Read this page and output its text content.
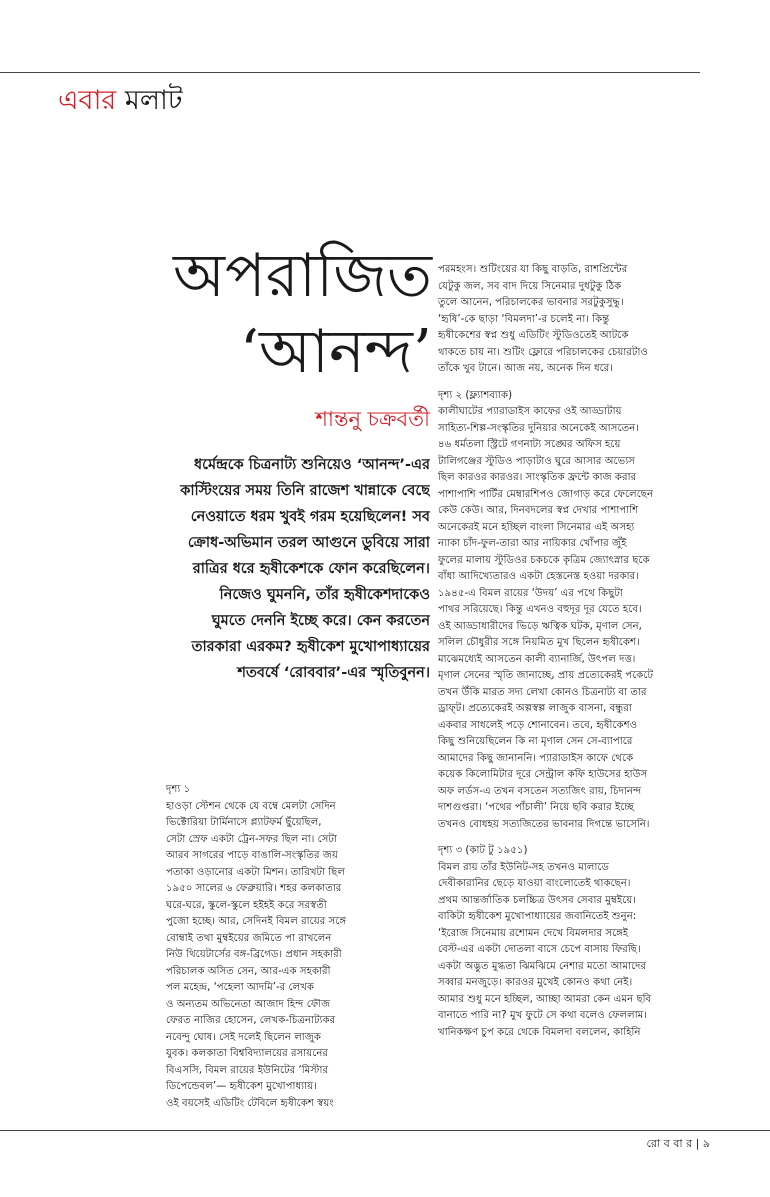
এবার মলাট
অপরাজিত
‘আনন্দ’
শান্তনু চক্রবর্তী
ধর্মেন্দ্রকে চিত্রনাট্য শুনিয়েও ‘আনন্দ’-এর
কাস্টিংয়ের সময় তিনি রাজেশ খান্নাকে বেছে
নেওয়াতে ধরম খুবই গরম হয়েছিলেন! সব
ক্রোধ-অভিমান তরল আগুনে ডুবিয়ে সারা
রাত্রির ধরে হৃষীকেশকে ফোন করেছিলেন।
নিজেও ঘুমননি, তাঁর হৃষীকেশদাকেও
ঘুমতে দেননি ইচ্ছে করে। কেন করতেন
তারকারা এরকম? হৃষীকেশ মুখোপাধ্যায়ের
শতবর্ষে ‘রোববার’-এর স্মৃতিবুনন।
দৃশ্য ১
হাওড়া স্টেশন থেকে যে বম্বে মেলটা সেদিন
ভিক্টোরিয়া টার্মিনাসে প্ল্যাটফর্ম ছুঁয়েছিল,
সেটা স্রেফ একটা ট্রেন-সফর ছিল না। সেটা
আরব সাগরের পাড়ে বাঙালি-সংস্কৃতির জয়
পতাকা ওড়ানোর একটা মিশন। তারিখটা ছিল
১৯৫০ সালের ৬ ফেব্রুয়ারি। শহর কলকাতার
ঘরে-ঘরে, স্কুলে-স্কুলে হইহই করে সরস্বতী
পুজো হচ্ছে। আর, সেদিনই বিমল রায়ের সঙ্গে
বোম্বাই তথা মুম্বইয়ের জমিতে পা রাখলেন
নিউ থিয়েটার্সের বঙ্গ-ব্রিগেড। প্রধান সহকারী
পরিচালক অসিত সেন, আর-এক সহকারী
পল মহেন্দ্র, ‘পহেলা আদমি’-র লেখক
ও অন্যতম অভিনেতা আজাদ হিন্দ ফৌজ
ফেরত নাজির হোসেন, লেখক-চিত্রনাট্যকর
নবেন্দু ঘোষ। সেই দলেই ছিলেন লাজুক
যুবক। কলকাতা বিশ্ববিদ্যালয়ের রসায়নের
বিএসসি, বিমল রায়ের ইউনিটের ‘মিস্টার
ডিপেন্ডেবল’— হৃষীকেশ মুখোপাধ্যায়।
ওই বয়সেই এডিটিং টেবিলে হৃষীকেশ স্বয়ং
পরমহংস। শুটিংয়ের যা কিছু বাড়তি, রাশপ্রিন্টের
যেটুকু জল, সব বাদ দিয়ে সিনেমার দুধটুকু ঠিক
তুলে আনেন, পরিচালকের ভাবনার সরটুকুসুদ্ধু।
‘হৃষি’-কে ছাড়া ‘বিমলদা’-র চলেই না। কিন্তু
হৃষীকেশের স্বপ্ন শুধু এডিটিং স্টুডিওতেই আটকে
থাকতে চায় না। শুটিং ফ্লোরে পরিচালকের চেয়ারটাও
তাঁকে খুব টানে। আজ নয়, অনেক দিন ধরে।
দৃশ্য ২ (ফ্ল্যাশব্যাক)
কালীঘাটের প্যারাডাইস কাফের ওই আড্ডাটায়
সাহিত্য-শিল্প-সংস্কৃতির দুনিয়ার অনেকেই আসতেন।
৪৬ ধর্মতলা স্ট্রিটে গণনাট্য সঙ্ঘের অফিস হয়ে
টালিগঞ্জের স্টুডিও পাড়াটাও ঘুরে আসার অভ্যেস
ছিল কারওর কারওর। সাংস্কৃতিক ফ্রন্টে কাজ করার
পাশাপাশি পার্টির মেম্বারশিপও জোগাড় করে ফেলেছেন
কেউ কেউ। আর, দিনবদলের স্বপ্ন দেখার পাশাপাশি
অনেকেরই মনে হচ্ছিল বাংলা সিনেমার এই অসহ্য
ন্যাকা চাঁদ-ফুল-তারা আর নায়িকার খোঁপার জুঁই
ফুলের মালায় স্টুডিওর চকচকে কৃত্রিম জ্যোৎস্নার ছকে
বাঁধা আদিখ্যেতারও একটা হেস্তনেস্ত হওয়া দরকার।
১৯৪৫-এ বিমল রায়ের ‘উদয়’ এর পথে কিছুটা
পাথর সরিয়েছে। কিন্তু এখনও বহুদূর দূর যেতে হবে।
ওই আড্ডাধারীদের ভিড়ে ঋত্বিক ঘটক, মৃণাল সেন,
সলিল চৌধুরীর সঙ্গে নিয়মিত মুখ ছিলেন হৃষীকেশ।
মাঝেমধ্যেই আসতেন কালী ব্যানার্জি, উৎপল দত্ত।
মৃণাল সেনের স্মৃতি জানাচ্ছে, প্রায় প্রত্যেকেরই পকেটে
তখন উঁকি মারত সদ্য লেখা কোনও চিত্রনাট্য বা তার
ড্রাফ্‌ট। প্রত্যেকেরই অল্পস্বল্প লাজুক বাসনা, বন্ধুরা
একবার সাধলেই পড়ে শোনাবেন। তবে, হৃষীকেশও
কিছু শুনিয়েছিলেন কি না মৃণাল সেন সে-ব্যাপারে
আমাদের কিছু জানাননি। প্যারাডাইস কাফে থেকে
কয়েক কিলোমিটার দূরে সেন্ট্রাল কফি হাউসের হাউস
অফ লর্ডস-এ তখন বসতেন সত্যজিৎ রায়, চিদানন্দ
দাশগুপ্তরা। ‘পথের পাঁচালী’ নিয়ে ছবি করার ইচ্ছে
তখনও বোধহয় সত্যজিতের ভাবনার দিগন্তে ভাসেনি।
দৃশ্য ৩ (কাট টু ১৯৫১)
বিমল রায় তাঁর ইউনিট-সহ তখনও মালাডে
দেবীকারানির ছেড়ে যাওয়া বাংলোতেই থাকছেন।
প্রথম আন্তর্জাতিক চলচ্চিত্র উৎসব সেবার মুম্বইয়ে।
বাকিটা হৃষীকেশ মুখোপাধ্যায়ের জবানিতেই শুনুন:
‘ইরোজ সিনেমায় রশোমন দেখে বিমলদার সঙ্গেই
বেস্ট-এর একটা দোতলা বাসে চেপে বাসায় ফিরছি।
একটা অদ্ভুত মুগ্ধতা ঝিমঝিমে নেশার মতো আমাদের
সব্বার মনজুড়ে। কারওর মুখেই কোনও কথা নেই।
আমার শুধু মনে হচ্ছিল, আচ্ছা আমরা কেন এমন ছবি
বানাতে পারি না? মুখ ফুটে সে কথা বলেও ফেললাম।
খানিকক্ষণ চুপ করে থেকে বিমলদা বললেন, কাহিনি
রো ব বা র | ৯
